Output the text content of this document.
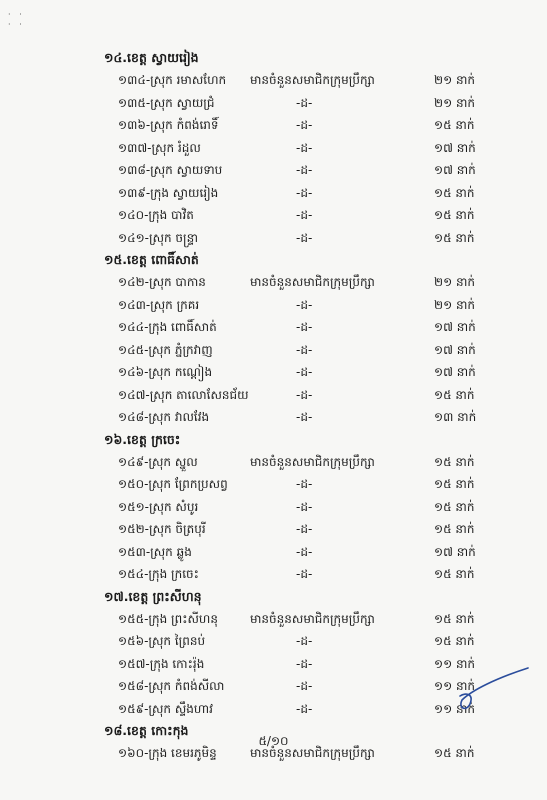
· ·
· ·
១៤.ខេត្ត ស្វាយរៀង
១៣៤-ស្រុក រមាសហែក	មានចំនួនសមាជិកក្រុមប្រឹក្សា	២១ នាក់
១៣៥-ស្រុក ស្វាយជ្រំ	-ដ-	២១ នាក់
១៣៦-ស្រុក កំពង់រោទិ៍	-ដ-	១៥ នាក់
១៣៧-ស្រុក រំដួល	-ដ-	១៧ នាក់
១៣៨-ស្រុក ស្វាយទាប	-ដ-	១៧ នាក់
១៣៩-ក្រុង ស្វាយរៀង	-ដ-	១៥ នាក់
១៤០-ក្រុង បាវិត	-ដ-	១៥ នាក់
១៤១-ស្រុក ចន្ទ្រា	-ដ-	១៥ នាក់
១៥.ខេត្ត ពោធិ៍សាត់
១៤២-ស្រុក បាកាន	មានចំនួនសមាជិកក្រុមប្រឹក្សា	២១ នាក់
១៤៣-ស្រុក ក្រគរ	-ដ-	២១ នាក់
១៤៤-ក្រុង ពោធិ៍សាត់	-ដ-	១៧ នាក់
១៤៥-ស្រុក ភ្នំក្រវាញ	-ដ-	១៧ នាក់
១៤៦-ស្រុក កណ្ដៀង	-ដ-	១៧ នាក់
១៤៧-ស្រុក តាលោសែនជ័យ	-ដ-	១៥ នាក់
១៤៨-ស្រុក វាលវែង	-ដ-	១៣ នាក់
១៦.ខេត្ត ក្រចេះ
១៤៩-ស្រុក ស្នួល	មានចំនួនសមាជិកក្រុមប្រឹក្សា	១៥ នាក់
១៥០-ស្រុក ព្រែកប្រសព្វ	-ដ-	១៥ នាក់
១៥១-ស្រុក សំបូរ	-ដ-	១៥ នាក់
១៥២-ស្រុក ចិត្របុរី	-ដ-	១៥ នាក់
១៥៣-ស្រុក ឆ្លូង	-ដ-	១៧ នាក់
១៥៤-ក្រុង ក្រចេះ	-ដ-	១៥ នាក់
១៧.ខេត្ត ព្រះសីហនុ
១៥៥-ក្រុង ព្រះសីហនុ	មានចំនួនសមាជិកក្រុមប្រឹក្សា	១៥ នាក់
១៥៦-ស្រុក ព្រៃនប់	-ដ-	១៥ នាក់
១៥៧-ក្រុង កោះរ៉ុង	-ដ-	១១ នាក់
១៥៨-ស្រុក កំពង់សីលា	-ដ-	១១ នាក់
១៥៩-ស្រុក ស្ទឹងហាវ	-ដ-	១១ នាក់
១៨.ខេត្ត កោះកុង
១៦០-ក្រុង ខេមរភូមិន្ទ	មានចំនួនសមាជិកក្រុមប្រឹក្សា	១៥ នាក់
៥/១០
